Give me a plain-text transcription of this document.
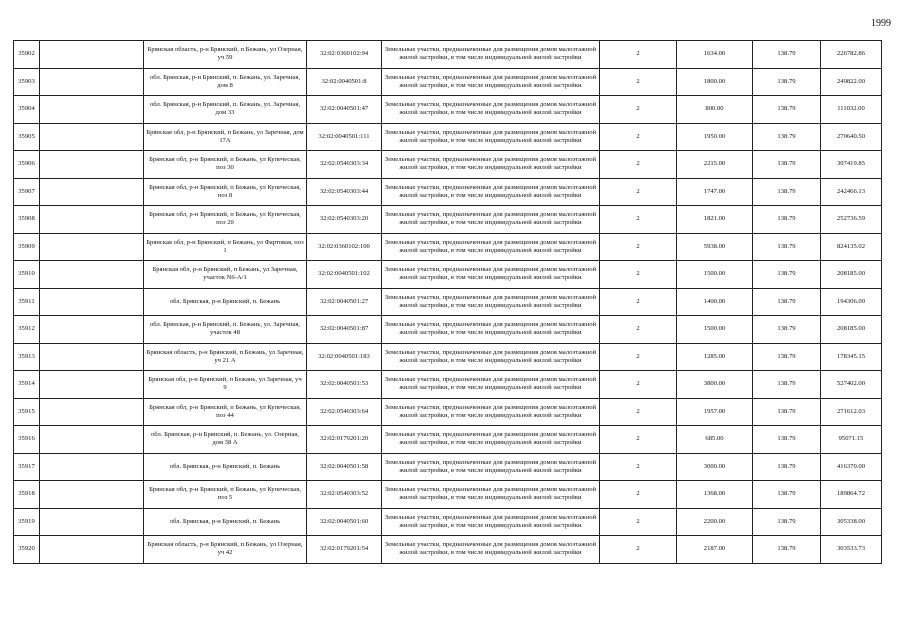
1999
35902		Брянская область, р-н Брянский, п Бежань, ул Озерная, уч 59	32:02:0360102:94	Земельные участки, предназначенные для размещения домов малоэтажной жилой застройки, в том числе индивидуальной жилой застройки	2	1634.00	138.79	226782.86
35903		обл. Брянская, р-н Брянский, п. Бежань, ул. Заречная, дом 8	32:02:0040501:8	Земельные участки, предназначенные для размещения домов малоэтажной жилой застройки, в том числе индивидуальной жилой застройки	2	1800.00	138.79	249822.00
35904		обл. Брянская, р-н Брянский, п. Бежань, ул. Заречная, дом 33	32:02:0040501:47	Земельные участки, предназначенные для размещения домов малоэтажной жилой застройки, в том числе индивидуальной жилой застройки	2	800.00	138.79	111032.00
35905		Брянская обл, р-н Брянский, п Бежань, ул Заречная, дом 17А	32:02:0040501:111	Земельные участки, предназначенные для размещения домов малоэтажной жилой застройки, в том числе индивидуальной жилой застройки	2	1950.00	138.79	270640.50
35906		Брянская обл, р-н Брянский, п Бежань, ул Купеческая, поз 30	32:02:0540303:34	Земельные участки, предназначенные для размещения домов малоэтажной жилой застройки, в том числе индивидуальной жилой застройки	2	2215.00	138.79	307419.85
35907		Брянская обл, р-н Брянский, п Бежань, ул Купеческая, поз 8	32:02:0540303:44	Земельные участки, предназначенные для размещения домов малоэтажной жилой застройки, в том числе индивидуальной жилой застройки	2	1747.00	138.79	242466.13
35908		Брянская обл, р-н Брянский, п Бежань, ул Купеческая, поз 20	32:02:0540303:20	Земельные участки, предназначенные для размещения домов малоэтажной жилой застройки, в том числе индивидуальной жилой застройки	2	1821.00	138.79	252736.59
35909		Брянская обл, р-н Брянский, п Бежань, ул Фартовая, поз 1	32:02:0360102:100	Земельные участки, предназначенные для размещения домов малоэтажной жилой застройки, в том числе индивидуальной жилой застройки	2	5938.00	138.79	824135.02
35910		Брянская обл, р-н Брянский, п Бежань, ул Заречная, участок N6-А/1	32:02:0040501:102	Земельные участки, предназначенные для размещения домов малоэтажной жилой застройки, в том числе индивидуальной жилой застройки	2	1500.00	138.79	208185.00
35911		обл. Брянская, р-н Брянский, п. Бежань	32:02:0040501:27	Земельные участки, предназначенные для размещения домов малоэтажной жилой застройки, в том числе индивидуальной жилой застройки	2	1400.00	138.79	194306.00
35912		обл. Брянская, р-н Брянский, п. Бежань, ул. Заречная, участок 48	32:02:0040501:87	Земельные участки, предназначенные для размещения домов малоэтажной жилой застройки, в том числе индивидуальной жилой застройки	2	1500.00	138.79	208185.00
35913		Брянская область, р-н Брянский, п Бежань, ул Заречная, уч 21 А	32:02:0040501:183	Земельные участки, предназначенные для размещения домов малоэтажной жилой застройки, в том числе индивидуальной жилой застройки	2	1285.00	138.79	178345.15
35914		Брянская обл, р-н Брянский, п Бежань, ул Заречная, уч 9	32:02:0040501:53	Земельные участки, предназначенные для размещения домов малоэтажной жилой застройки, в том числе индивидуальной жилой застройки	2	3800.00	138.79	527402.00
35915		Брянская обл, р-н Брянский, п Бежань, ул Купеческая, поз 44	32:02:0540303:64	Земельные участки, предназначенные для размещения домов малоэтажной жилой застройки, в том числе индивидуальной жилой застройки	2	1957.00	138.79	271612.03
35916		обл. Брянская, р-н Брянский, п. Бежань, ул. Озерная, дом 38 А	32:02:0179201:20	Земельные участки, предназначенные для размещения домов малоэтажной жилой застройки, в том числе индивидуальной жилой застройки	2	685.00	138.79	95071.15
35917		обл. Брянская, р-н Брянский, п. Бежань	32:02:0040501:58	Земельные участки, предназначенные для размещения домов малоэтажной жилой застройки, в том числе индивидуальной жилой застройки	2	3000.00	138.79	416370.00
35918		Брянская обл, р-н Брянский, п Бежань, ул Купеческая, поз 5	32:02:0540303:52	Земельные участки, предназначенные для размещения домов малоэтажной жилой застройки, в том числе индивидуальной жилой застройки	2	1368.00	138.79	189864.72
35919		обл. Брянская, р-н Брянский, п. Бежань	32:02:0040501:60	Земельные участки, предназначенные для размещения домов малоэтажной жилой застройки, в том числе индивидуальной жилой застройки	2	2200.00	138.79	305338.00
35920		Брянская область, р-н Брянский, п Бежань, ул Озерная, уч 42	32:02:0179201:54	Земельные участки, предназначенные для размещения домов малоэтажной жилой застройки, в том числе индивидуальной жилой застройки	2	2187.00	138.79	303533.73
